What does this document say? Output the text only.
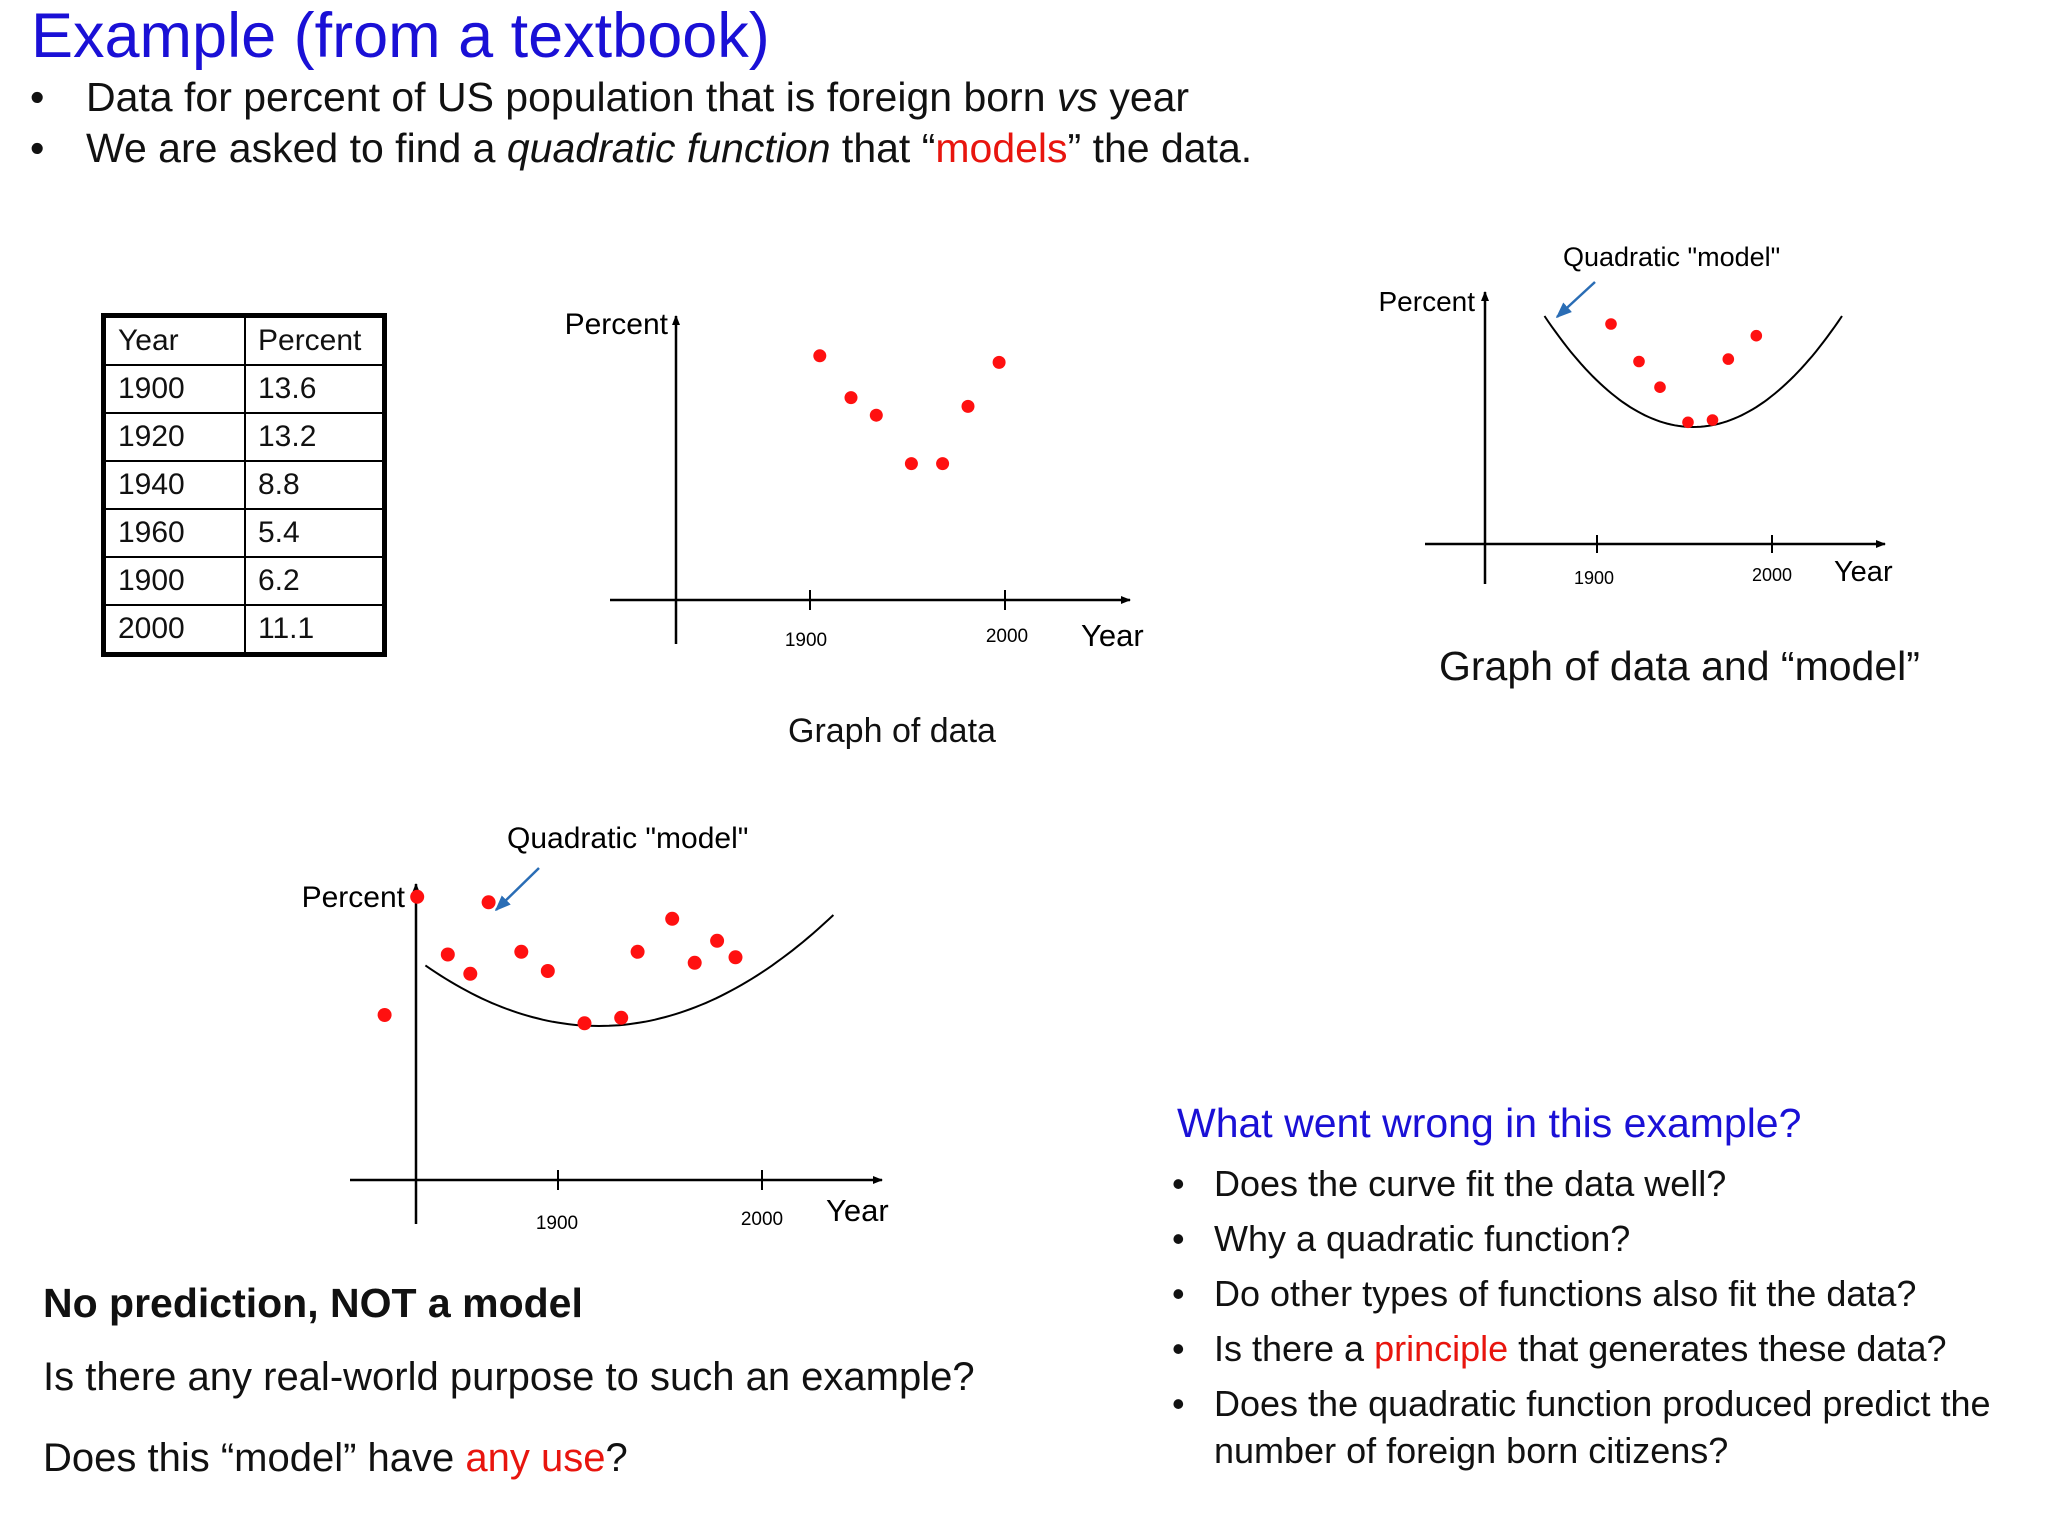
Example (from a textbook)
• Data for percent of US population that is foreign born vs year
• We are asked to find a quadratic function that “models” the data.
Year	Percent
1900	13.6
1920	13.2
1940	8.8
1960	5.4
1900	6.2
2000	11.1
Percent
Year
1900	2000
Percent
Year
1900	2000
Quadratic "model"
Percent
Year
1900	2000
Quadratic "model"
Graph of data
Graph of data and “model”
No prediction, NOT a model
Is there any real-world purpose to such an example?
Does this “model” have any use?
What went wrong in this example?
• Does the curve fit the data well?
• Why a quadratic function?
• Do other types of functions also fit the data?
• Is there a principle that generates these data?
• Does the quadratic function produced predict the number of foreign born citizens?
